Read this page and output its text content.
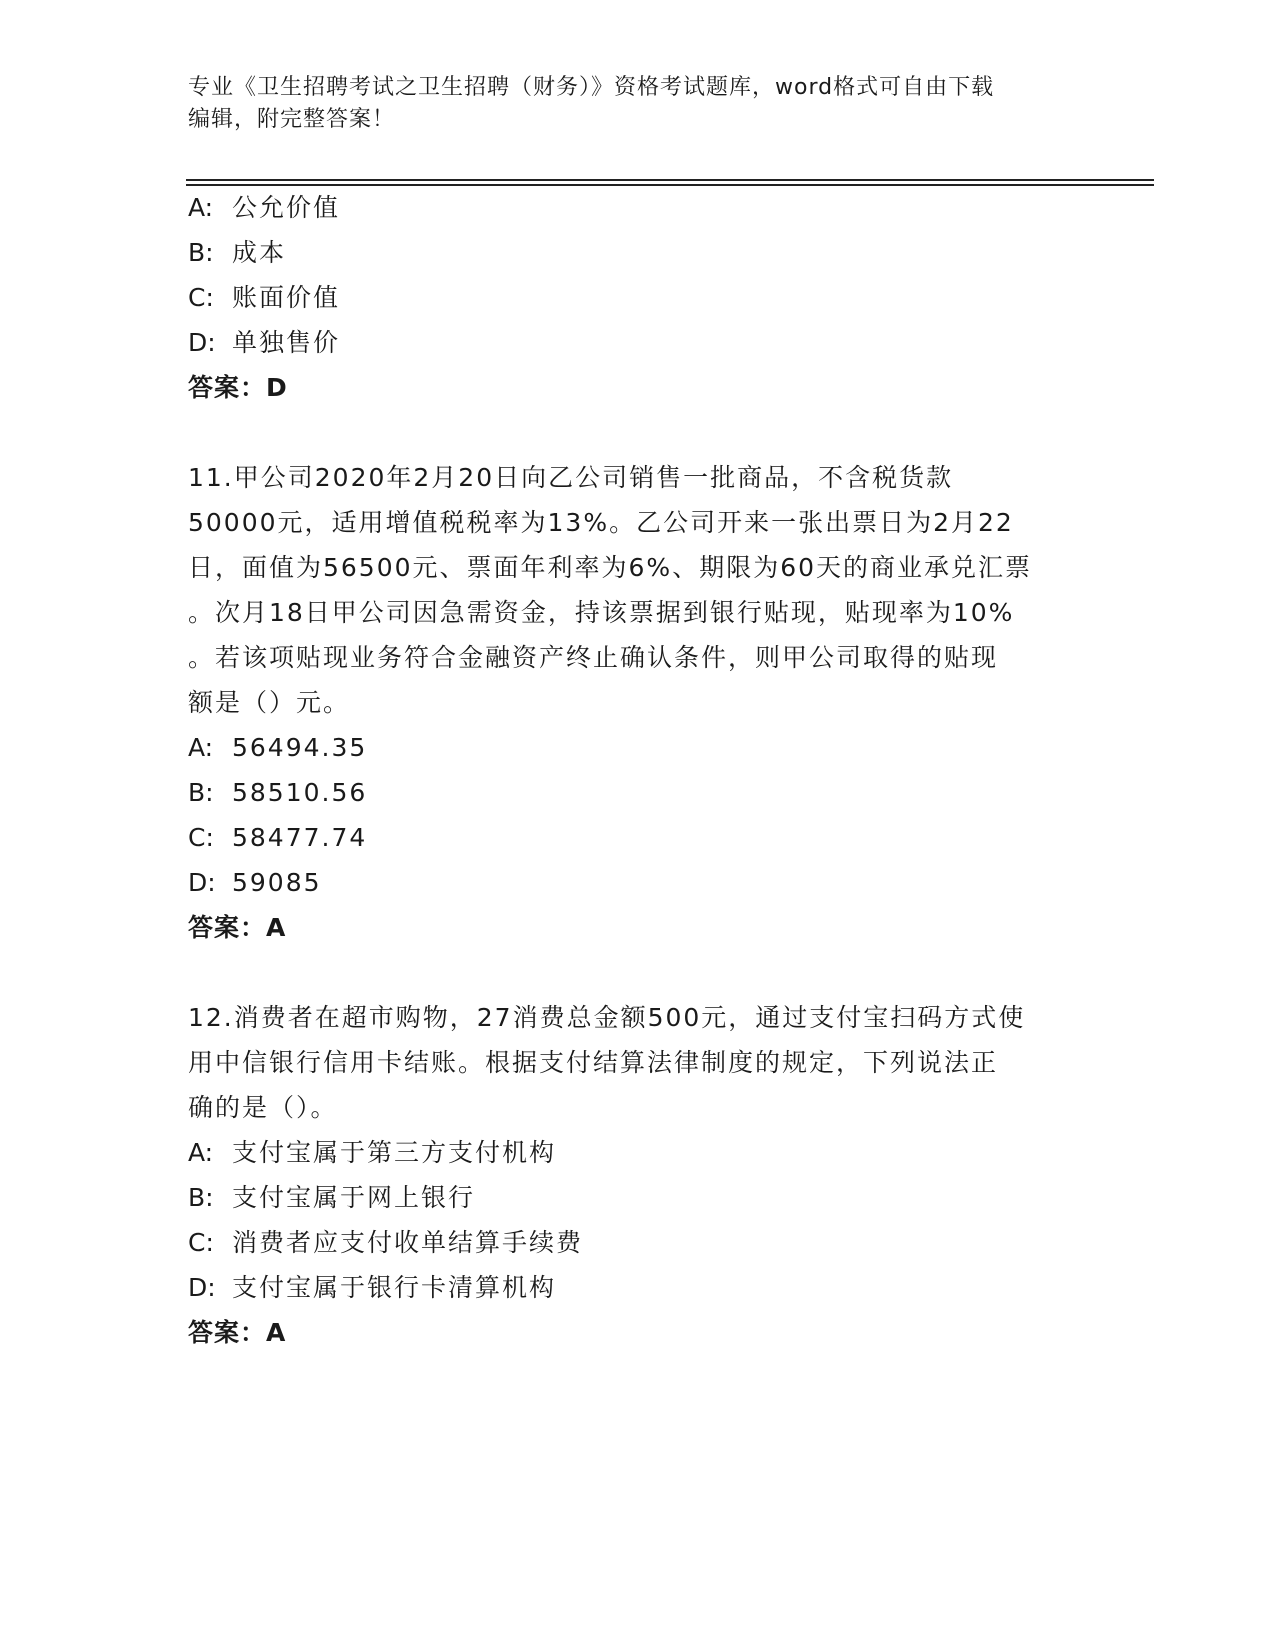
专业《卫生招聘考试之卫生招聘（财务）》资格考试题库，word格式可自由下载
编辑，附完整答案！
A: 公允价值
B: 成本
C: 账面价值
D: 单独售价
答案：D
11.甲公司2020年2月20日向乙公司销售一批商品，不含税货款
50000元，适用增值税税率为13%。乙公司开来一张出票日为2月22
日，面值为56500元、票面年利率为6%、期限为60天的商业承兑汇票
。次月18日甲公司因急需资金，持该票据到银行贴现，贴现率为10%
。若该项贴现业务符合金融资产终止确认条件，则甲公司取得的贴现
额是（）元。
A: 56494.35
B: 58510.56
C: 58477.74
D: 59085
答案：A
12.消费者在超市购物，27消费总金额500元，通过支付宝扫码方式使
用中信银行信用卡结账。根据支付结算法律制度的规定，下列说法正
确的是（）。
A: 支付宝属于第三方支付机构
B: 支付宝属于网上银行
C: 消费者应支付收单结算手续费
D: 支付宝属于银行卡清算机构
答案：A
